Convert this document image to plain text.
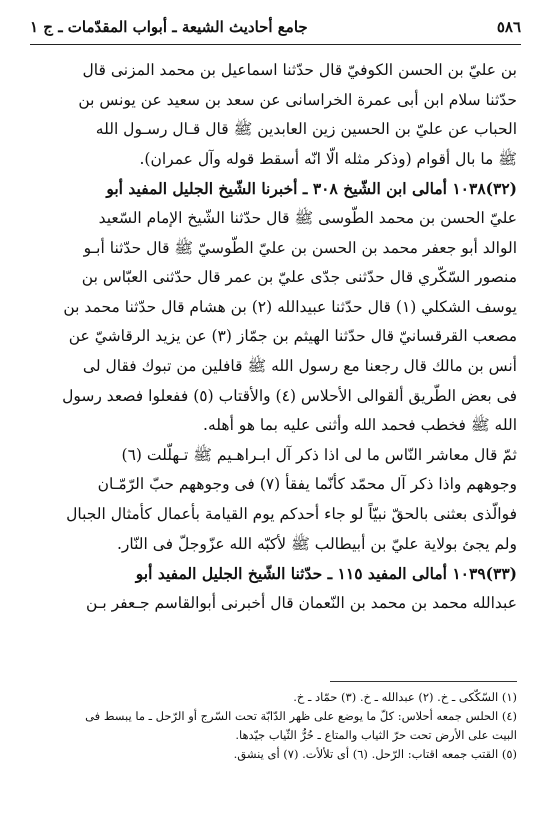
٥٨٦
جامع أحاديث الشيعة ـ أبواب المقدّمات ـ ج ١
بن عليّ بن الحسن الكوفيّ قال حدّثنا اسماعيل بن محمد المزنى قال
حدّثنا سلام ابن أبى عمرة الخراسانى عن سعد بن سعيد عن يونس بن
الحباب عن عليّ بن الحسين زين العابدين ﷺ قال قـال رسـول الله
ﷺ ما بال أقوام (وذكر مثله الّا انّه أسقط قوله وآل عمران).
(٣٢)١٠٣٨ أمالى ابن الشّيخ ٣٠٨ ـ أخبرنا الشّيخ الجليل المفيد أبو
عليّ الحسن بن محمد الطّوسى ﷺ قال حدّثنا الشّيخ الإمام السّعيد
الوالد أبو جعفر محمد بن الحسن بن عليّ الطّوسيّ ﷺ قال حدّثنا أبـو
منصور السّكّري قال حدّثنى جدّى عليّ بن عمر قال حدّثنى العبّاس بن
يوسف الشكلي (١) قال حدّثنا عبيدالله (٢) بن هشام قال حدّثنا محمد بن
مصعب القرقسانيّ قال حدّثنا الهيثم بن جمّاز (٣) عن يزيد الرقاشيّ عن
أنس بن مالك قال رجعنا مع رسول الله ﷺ قافلين من تبوك فقال لى
فى بعض الطّريق ألقوالى الأحلاس (٤) والأقتاب (٥) ففعلوا فصعد رسول
الله ﷺ فخطب فحمد الله وأثنى عليه بما هو أهله.
ثمّ قال معاشر النّاس ما لى اذا ذكر آل ابـراهـيم ﷺ تـهلّلت (٦)
وجوههم واذا ذكر آل محمّد كأنّما يفقأ (٧) فى وجوههم حبّ الرّمّـان
فوالّذى بعثنى بالحقّ نبيّاً لو جاء أحدكم يوم القيامة بأعمال كأمثال الجبال
ولم يجئ بولاية عليّ بن أبيطالب ﷺ لأكبّه الله عزّوجلّ فى النّار.
(٣٣)١٠٣٩ أمالى المفيد ١١٥ ـ حدّثنا الشّيخ الجليل المفيد أبو
عبدالله محمد بن محمد بن النّعمان قال أخبرنى أبوالقاسم جـعفر بـن
(١) السّكّكى ـ خ. (٢) عبدالله ـ خ. (٣) حمّاد ـ خ.
(٤) الحلس جمعه أحلاس: كلّ ما يوضع على ظهر الدّابّة تحت السّرج أو الرّحل ـ ما يبسط فى
البيت على الأرض تحت حرّ الثياب والمتاع ـ حُرُّ الثّياب جيّدها.
(٥) القتب جمعه اقتاب: الرّحل. (٦) أى تلألأت. (٧) أى ينشق.
